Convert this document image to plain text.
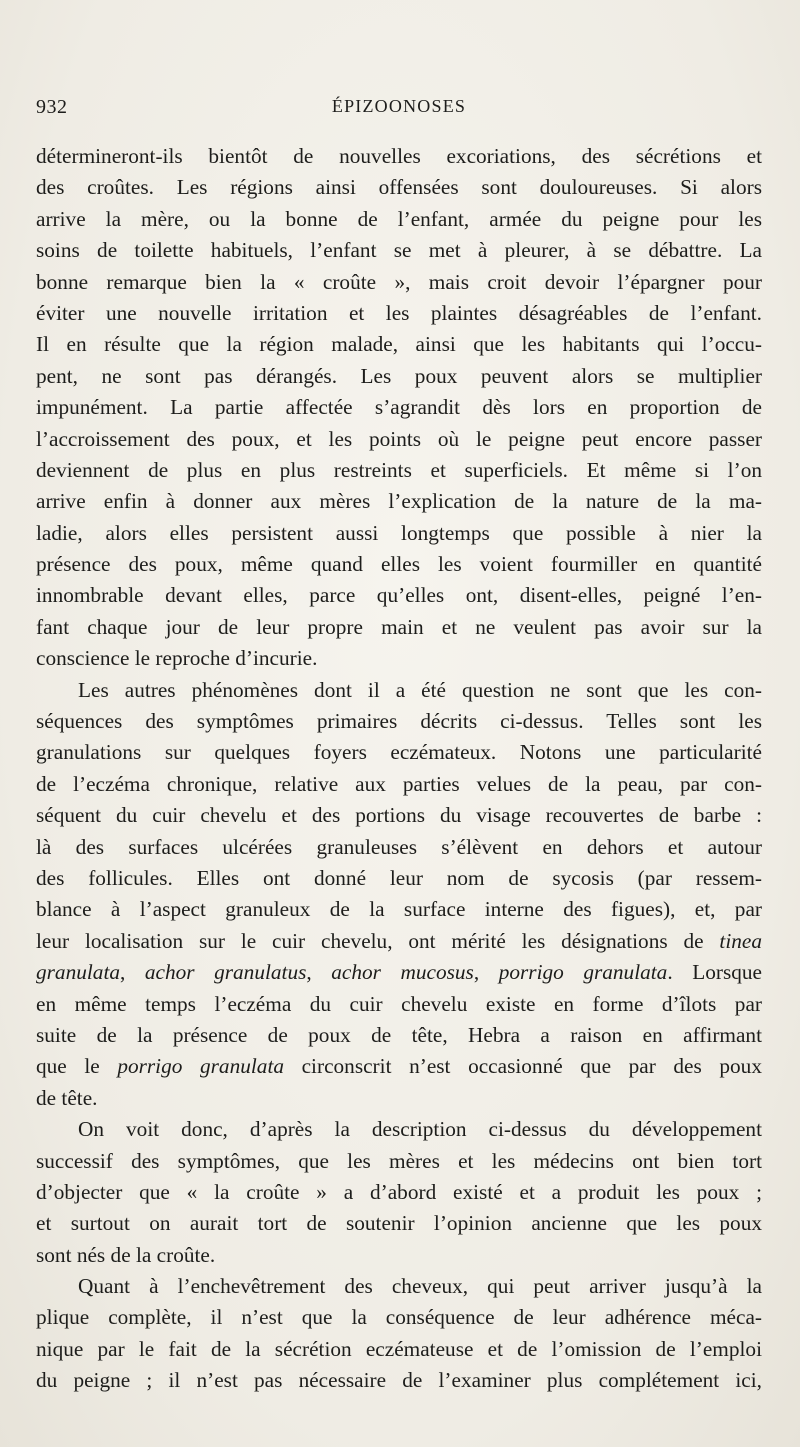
932	ÉPIZOONOSES
détermineront-ils bientôt de nouvelles excoriations, des sécrétions et
des croûtes. Les régions ainsi offensées sont douloureuses. Si alors
arrive la mère, ou la bonne de l’enfant, armée du peigne pour les
soins de toilette habituels, l’enfant se met à pleurer, à se débattre. La
bonne remarque bien la « croûte », mais croit devoir l’épargner pour
éviter une nouvelle irritation et les plaintes désagréables de l’enfant.
Il en résulte que la région malade, ainsi que les habitants qui l’occu-
pent, ne sont pas dérangés. Les poux peuvent alors se multiplier
impunément. La partie affectée s’agrandit dès lors en proportion de
l’accroissement des poux, et les points où le peigne peut encore passer
deviennent de plus en plus restreints et superficiels. Et même si l’on
arrive enfin à donner aux mères l’explication de la nature de la ma-
ladie, alors elles persistent aussi longtemps que possible à nier la
présence des poux, même quand elles les voient fourmiller en quantité
innombrable devant elles, parce qu’elles ont, disent-elles, peigné l’en-
fant chaque jour de leur propre main et ne veulent pas avoir sur la
conscience le reproche d’incurie.
Les autres phénomènes dont il a été question ne sont que les con-
séquences des symptômes primaires décrits ci-dessus. Telles sont les
granulations sur quelques foyers eczémateux. Notons une particularité
de l’eczéma chronique, relative aux parties velues de la peau, par con-
séquent du cuir chevelu et des portions du visage recouvertes de barbe :
là des surfaces ulcérées granuleuses s’élèvent en dehors et autour
des follicules. Elles ont donné leur nom de sycosis (par ressem-
blance à l’aspect granuleux de la surface interne des figues), et, par
leur localisation sur le cuir chevelu, ont mérité les désignations de tinea
granulata, achor granulatus, achor mucosus, porrigo granulata. Lorsque
en même temps l’eczéma du cuir chevelu existe en forme d’îlots par
suite de la présence de poux de tête, Hebra a raison en affirmant
que le porrigo granulata circonscrit n’est occasionné que par des poux
de tête.
On voit donc, d’après la description ci-dessus du développement
successif des symptômes, que les mères et les médecins ont bien tort
d’objecter que « la croûte » a d’abord existé et a produit les poux ;
et surtout on aurait tort de soutenir l’opinion ancienne que les poux
sont nés de la croûte.
Quant à l’enchevêtrement des cheveux, qui peut arriver jusqu’à la
plique complète, il n’est que la conséquence de leur adhérence méca-
nique par le fait de la sécrétion eczémateuse et de l’omission de l’emploi
du peigne ; il n’est pas nécessaire de l’examiner plus complétement ici,
